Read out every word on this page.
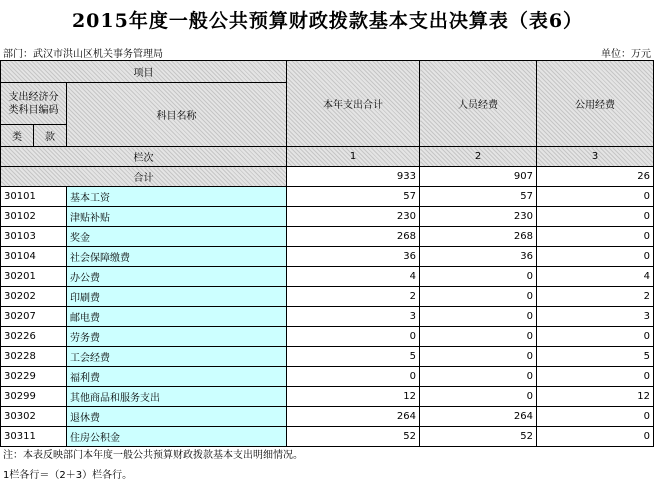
2015年度一般公共预算财政拨款基本支出决算表（表6）
部门：武汉市洪山区机关事务管理局	单位：万元
项目			本年支出合计	人员经费	公用经费
支出经济分类科目编码		科目名称			
类	款				
栏次			1	2	3
合计			933	907	26
30101		基本工资	57	57	0
30102		津贴补贴	230	230	0
30103		奖金	268	268	0
30104		社会保障缴费	36	36	0
30201		办公费	4	0	4
30202		印刷费	2	0	2
30207		邮电费	3	0	3
30226		劳务费	0	0	0
30228		工会经费	5	0	5
30229		福利费	0	0	0
30299		其他商品和服务支出	12	0	12
30302		退休费	264	264	0
30311		住房公积金	52	52	0
注：本表反映部门本年度一般公共预算财政拨款基本支出明细情况。
1栏各行＝（2＋3）栏各行。
